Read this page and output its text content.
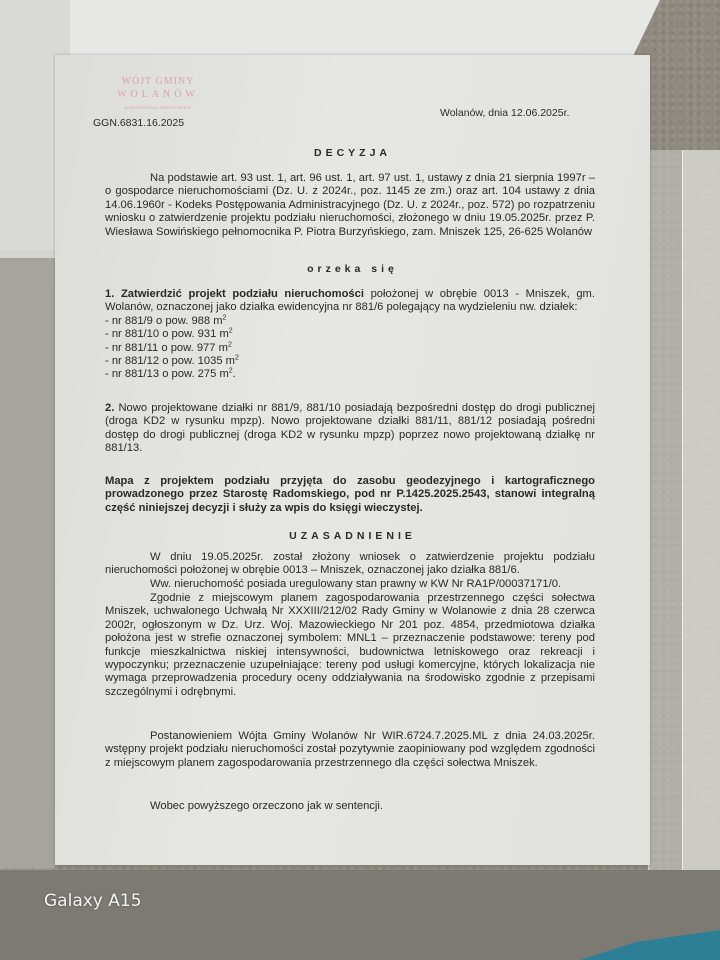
WÓJT GMINY
WOLANÓW
województwo mazowieckie
GGN.6831.16.2025
Wolanów, dnia 12.06.2025r.
DECYZJA
Na podstawie art. 93 ust. 1, art. 96 ust. 1, art. 97 ust. 1, ustawy z dnia 21 sierpnia 1997r – o gospodarce nieruchomościami (Dz. U. z 2024r., poz. 1145 ze zm.) oraz art. 104 ustawy z dnia 14.06.1960r - Kodeks Postępowania Administracyjnego (Dz. U. z 2024r., poz. 572) po rozpatrzeniu wniosku o zatwierdzenie projektu podziału nieruchomości, złożonego w dniu 19.05.2025r. przez P. Wiesława Sowińskiego pełnomocnika P. Piotra Burzyńskiego, zam. Mniszek 125, 26-625 Wolanów
orzeka się
1. Zatwierdzić projekt podziału nieruchomości położonej w obrębie 0013 - Mniszek, gm. Wolanów, oznaczonej jako działka ewidencyjna nr 881/6 polegający na wydzieleniu nw. działek:
- nr 881/9 o pow. 988 $m^2$
- nr 881/10 o pow. 931 $m^2$
- nr 881/11 o pow. 977 $m^2$
- nr 881/12 o pow. 1035 $m^2$
- nr 881/13 o pow. 275 $m^2$.
2. Nowo projektowane działki nr 881/9, 881/10 posiadają bezpośredni dostęp do drogi publicznej (droga KD2 w rysunku mpzp). Nowo projektowane działki 881/11, 881/12 posiadają pośredni dostęp do drogi publicznej (droga KD2 w rysunku mpzp) poprzez nowo projektowaną działkę nr 881/13.
Mapa z projektem podziału przyjęta do zasobu geodezyjnego i kartograficznego prowadzonego przez Starostę Radomskiego, pod nr P.1425.2025.2543, stanowi integralną część niniejszej decyzji i służy za wpis do księgi wieczystej.
UZASADNIENIE
W dniu 19.05.2025r. został złożony wniosek o zatwierdzenie projektu podziału nieruchomości położonej w obrębie 0013 – Mniszek, oznaczonej jako działka 881/6.
Ww. nieruchomość posiada uregulowany stan prawny w KW Nr RA1P/00037171/0.
Zgodnie z miejscowym planem zagospodarowania przestrzennego części sołectwa Mniszek, uchwalonego Uchwałą Nr XXXIII/212/02 Rady Gminy w Wolanowie z dnia 28 czerwca 2002r, ogłoszonym w Dz. Urz. Woj. Mazowieckiego Nr 201 poz. 4854, przedmiotowa działka położona jest w strefie oznaczonej symbolem: MNL1 – przeznaczenie podstawowe: tereny pod funkcje mieszkalnictwa niskiej intensywności, budownictwa letniskowego oraz rekreacji i wypoczynku; przeznaczenie uzupełniające: tereny pod usługi komercyjne, których lokalizacja nie wymaga przeprowadzenia procedury oceny oddziaływania na środowisko zgodnie z przepisami szczególnymi i odrębnymi.
Postanowieniem Wójta Gminy Wolanów Nr WIR.6724.7.2025.ML z dnia 24.03.2025r. wstępny projekt podziału nieruchomości został pozytywnie zaopiniowany pod względem zgodności z miejscowym planem zagospodarowania przestrzennego dla części sołectwa Mniszek.
Wobec powyższego orzeczono jak w sentencji.
Galaxy A15
